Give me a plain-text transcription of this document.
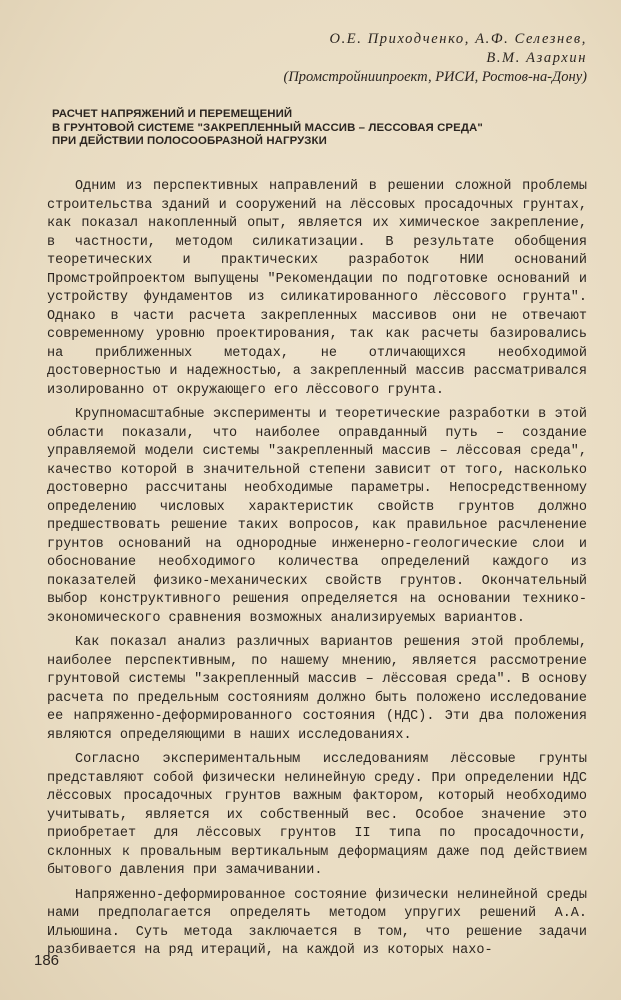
О.Е. Приходченко, А.Ф. Селезнев,
В.М. Азархин
(Промстройниипроект, РИСИ, Ростов-на-Дону)
РАСЧЕТ НАПРЯЖЕНИЙ И ПЕРЕМЕЩЕНИЙ
В ГРУНТОВОЙ СИСТЕМЕ "ЗАКРЕПЛЕННЫЙ МАССИВ – ЛЕССОВАЯ СРЕДА"
ПРИ ДЕЙСТВИИ ПОЛОСООБРАЗНОЙ НАГРУЗКИ

Одним из перспективных направлений в решении сложной проблемы строительства зданий и сооружений на лёссовых просадочных грунтах, как показал накопленный опыт, является их химическое закрепление, в частности, методом силикатизации. В результате обобщения теоретических и практических разработок НИИ оснований Промстройпроектом выпущены "Рекомендации по подготовке оснований и устройству фундаментов из силикатированного лёссового грунта". Однако в части расчета закрепленных массивов они не отвечают современному уровню проектирования, так как расчеты базировались на приближенных методах, не отличающихся необходимой достоверностью и надежностью, а закрепленный массив рассматривался изолированно от окружающего его лёссового грунта.

Крупномасштабные эксперименты и теоретические разработки в этой области показали, что наиболее оправданный путь – создание управляемой модели системы "закрепленный массив – лёссовая среда", качество которой в значительной степени зависит от того, насколько достоверно рассчитаны необходимые параметры. Непосредственному определению числовых характеристик свойств грунтов должно предшествовать решение таких вопросов, как правильное расчленение грунтов оснований на однородные инженерно-геологические слои и обоснование необходимого количества определений каждого из показателей физико-механических свойств грунтов. Окончательный выбор конструктивного решения определяется на основании технико-экономического сравнения возможных анализируемых вариантов.

Как показал анализ различных вариантов решения этой проблемы, наиболее перспективным, по нашему мнению, является рассмотрение грунтовой системы "закрепленный массив – лёссовая среда". В основу расчета по предельным состояниям должно быть положено исследование ее напряженно-деформированного состояния (НДС). Эти два положения являются определяющими в наших исследованиях.

Согласно экспериментальным исследованиям лёссовые грунты представляют собой физически нелинейную среду. При определении НДС лёссовых просадочных грунтов важным фактором, который необходимо учитывать, является их собственный вес. Особое значение это приобретает для лёссовых грунтов II типа по просадочности, склонных к провальным вертикальным деформациям даже под действием бытового давления при замачивании.

Напряженно-деформированное состояние физически нелинейной среды нами предполагается определять методом упругих решений А.А. Ильюшина. Суть метода заключается в том, что решение задачи разбивается на ряд итераций, на каждой из которых нахо-

186
